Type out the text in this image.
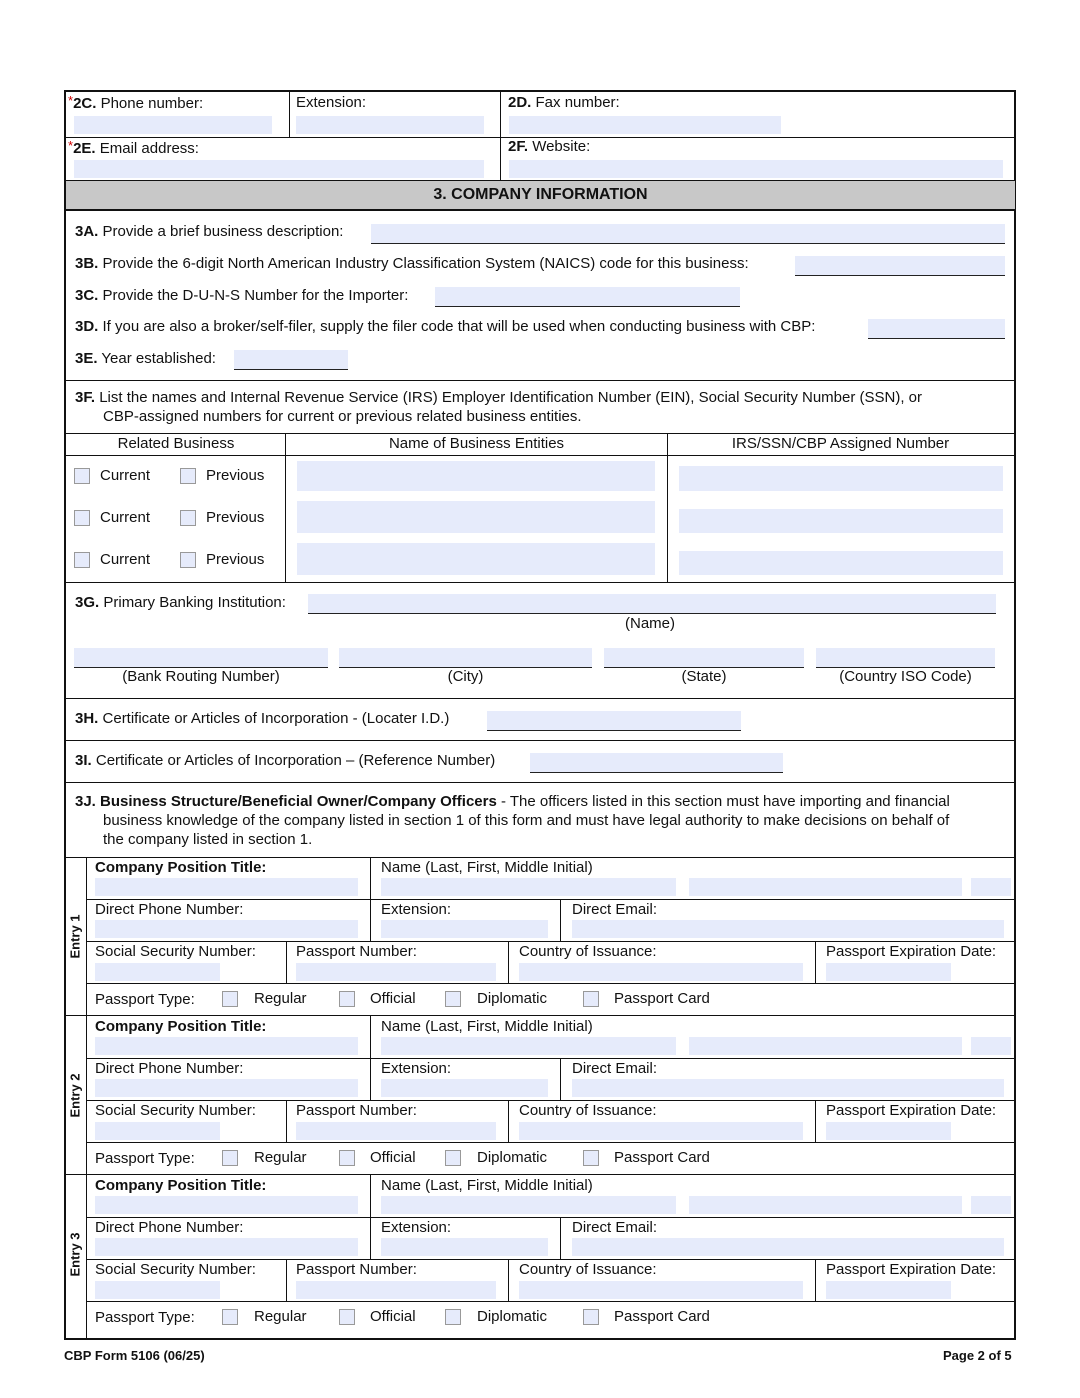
*2C. Phone number:	Extension:	2D. Fax number:
*2E. Email address:	2F. Website:
3. COMPANY INFORMATION
3A. Provide a brief business description:
3B. Provide the 6-digit North American Industry Classification System (NAICS) code for this business:
3C. Provide the D-U-N-S Number for the Importer:
3D. If you are also a broker/self-filer, supply the filer code that will be used when conducting business with CBP:
3E. Year established:
3F. List the names and Internal Revenue Service (IRS) Employer Identification Number (EIN), Social Security Number (SSN), or
CBP-assigned numbers for current or previous related business entities.
Related Business	Name of Business Entities	IRS/SSN/CBP Assigned Number
Current	Previous
Current	Previous
Current	Previous
3G. Primary Banking Institution:
(Name)
(Bank Routing Number)	(City)	(State)	(Country ISO Code)
3H. Certificate or Articles of Incorporation - (Locater I.D.)
3I. Certificate or Articles of Incorporation – (Reference Number)
3J. Business Structure/Beneficial Owner/Company Officers - The officers listed in this section must have importing and financial
business knowledge of the company listed in section 1 of this form and must have legal authority to make decisions on behalf of
the company listed in section 1.
Entry 1
Company Position Title:	Name (Last, First, Middle Initial)
Direct Phone Number:	Extension:	Direct Email:
Social Security Number:	Passport Number:	Country of Issuance:	Passport Expiration Date:
Passport Type:	Regular	Official	Diplomatic	Passport Card
Entry 2
Company Position Title:	Name (Last, First, Middle Initial)
Direct Phone Number:	Extension:	Direct Email:
Social Security Number:	Passport Number:	Country of Issuance:	Passport Expiration Date:
Passport Type:	Regular	Official	Diplomatic	Passport Card
Entry 3
Company Position Title:	Name (Last, First, Middle Initial)
Direct Phone Number:	Extension:	Direct Email:
Social Security Number:	Passport Number:	Country of Issuance:	Passport Expiration Date:
Passport Type:	Regular	Official	Diplomatic	Passport Card
CBP Form 5106 (06/25)	Page 2 of 5
